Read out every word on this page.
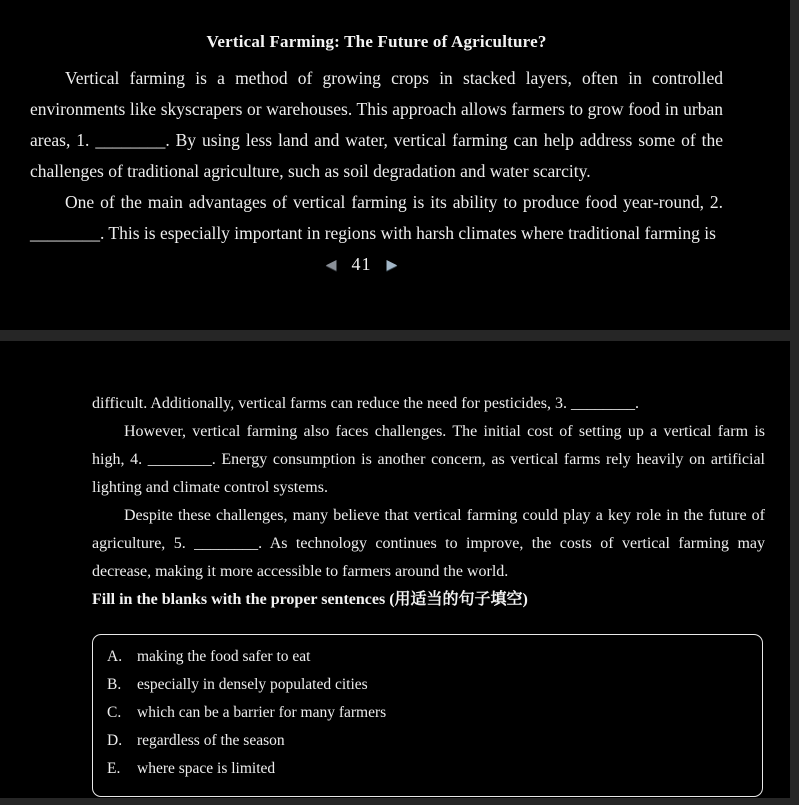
Vertical Farming: The Future of Agriculture?

Vertical farming is a method of growing crops in stacked layers, often in controlled environments like skyscrapers or warehouses. This approach allows farmers to grow food in urban areas, 1. ________. By using less land and water, vertical farming can help address some of the challenges of traditional agriculture, such as soil degradation and water scarcity.

One of the main advantages of vertical farming is its ability to produce food year-round, 2. ________. This is especially important in regions with harsh climates where traditional farming is

◀ 41 ▶

difficult. Additionally, vertical farms can reduce the need for pesticides, 3. ________.

However, vertical farming also faces challenges. The initial cost of setting up a vertical farm is high, 4. ________. Energy consumption is another concern, as vertical farms rely heavily on artificial lighting and climate control systems.

Despite these challenges, many believe that vertical farming could play a key role in the future of agriculture, 5. ________. As technology continues to improve, the costs of vertical farming may decrease, making it more accessible to farmers around the world.

Fill in the blanks with the proper sentences (用适当的句子填空)

A. making the food safer to eat
B.	especially in densely populated cities
C.	which can be a barrier for many farmers
D. regardless of the season
E.	where space is limited
